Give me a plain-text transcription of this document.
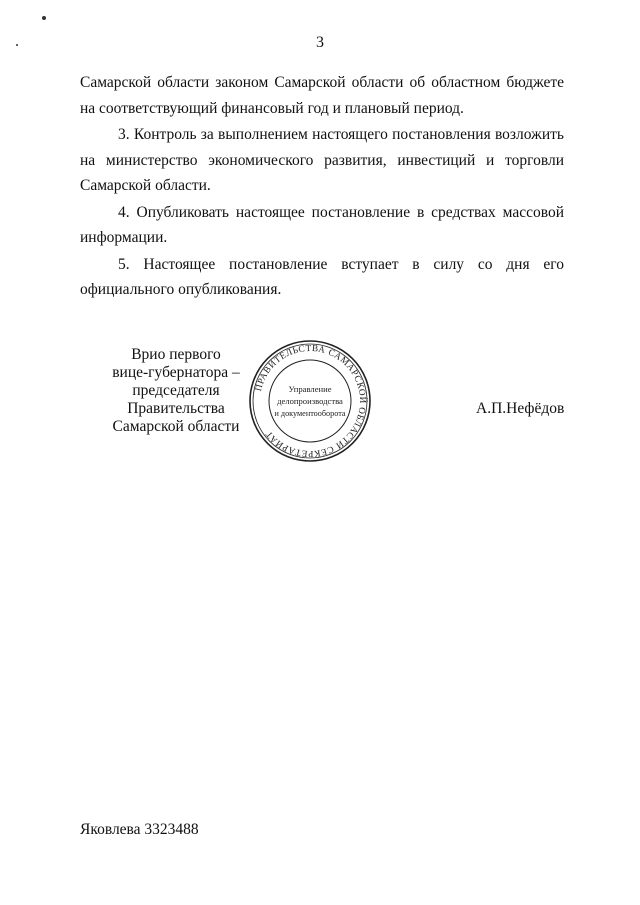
3

Самарской области законом Самарской области об областном бюджете на соответствующий финансовый год и плановый период.

3. Контроль за выполнением настоящего постановления возложить на министерство экономического развития, инвестиций и торговли Самарской области.

4. Опубликовать настоящее постановление в средствах массовой информации.

5. Настоящее постановление вступает в силу со дня его официального опубликования.

Врио первого
вице-губернатора –
председателя Правительства
Самарской области
ПРАВИТЕЛЬСТВА САМАРСКОЙ ОБЛАСТИ СЕКРЕТАРИАТ
Управление
делопроизводства
и документооборота	А.П.Нефёдов
Яковлева 3323488
